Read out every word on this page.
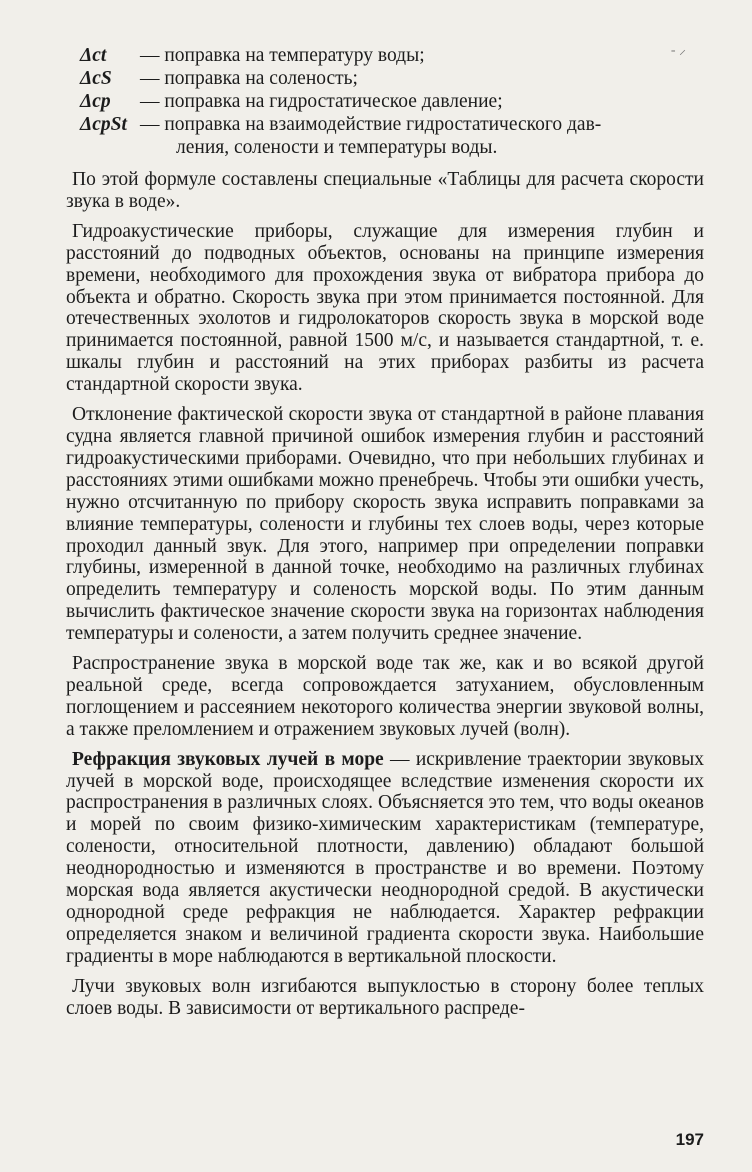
- ⸝
Δct	— поправка на температуру воды;
ΔcS	— поправка на соленость;
Δcp	— поправка на гидростатическое давление;
ΔcpSt — поправка на взаимодействие гидростатического дав-
ления, солености и температуры воды.

По этой формуле составлены специальные «Таблицы для расчета скорости звука в воде».

Гидроакустические приборы, служащие для измерения глубин и расстояний до подводных объектов, основаны на принципе измерения времени, необходимого для прохождения звука от вибратора прибора до объекта и обратно. Скорость звука при этом принимается постоянной. Для отечественных эхолотов и гидролокаторов скорость звука в морской воде принимается постоянной, равной 1500 м/с, и называется стандартной, т. е. шкалы глубин и расстояний на этих приборах разбиты из расчета стандартной скорости звука.

Отклонение фактической скорости звука от стандартной в районе плавания судна является главной причиной ошибок измерения глубин и расстояний гидроакустическими приборами. Очевидно, что при небольших глубинах и расстояниях этими ошибками можно пренебречь. Чтобы эти ошибки учесть, нужно отсчитанную по прибору скорость звука исправить поправками за влияние температуры, солености и глубины тех слоев воды, через которые проходил данный звук. Для этого, например при определении поправки глубины, измеренной в данной точке, необходимо на различных глубинах определить температуру и соленость морской воды. По этим данным вычислить фактическое значение скорости звука на горизонтах наблюдения температуры и солености, а затем получить среднее значение.

Распространение звука в морской воде так же, как и во всякой другой реальной среде, всегда сопровождается затуханием, обусловленным поглощением и рассеянием некоторого количества энергии звуковой волны, а также преломлением и отражением звуковых лучей (волн).

Рефракция звуковых лучей в море — искривление траектории звуковых лучей в морской воде, происходящее вследствие изменения скорости их распространения в различных слоях. Объясняется это тем, что воды океанов и морей по своим физико-химическим характеристикам (температуре, солености, относительной плотности, давлению) обладают большой неоднородностью и изменяются в пространстве и во времени. Поэтому морская вода является акустически неоднородной средой. В акустически однородной среде рефракция не наблюдается. Характер рефракции определяется знаком и величиной градиента скорости звука. Наибольшие градиенты в море наблюдаются в вертикальной плоскости.

Лучи звуковых волн изгибаются выпуклостью в сторону более теплых слоев воды. В зависимости от вертикального распреде-

197
